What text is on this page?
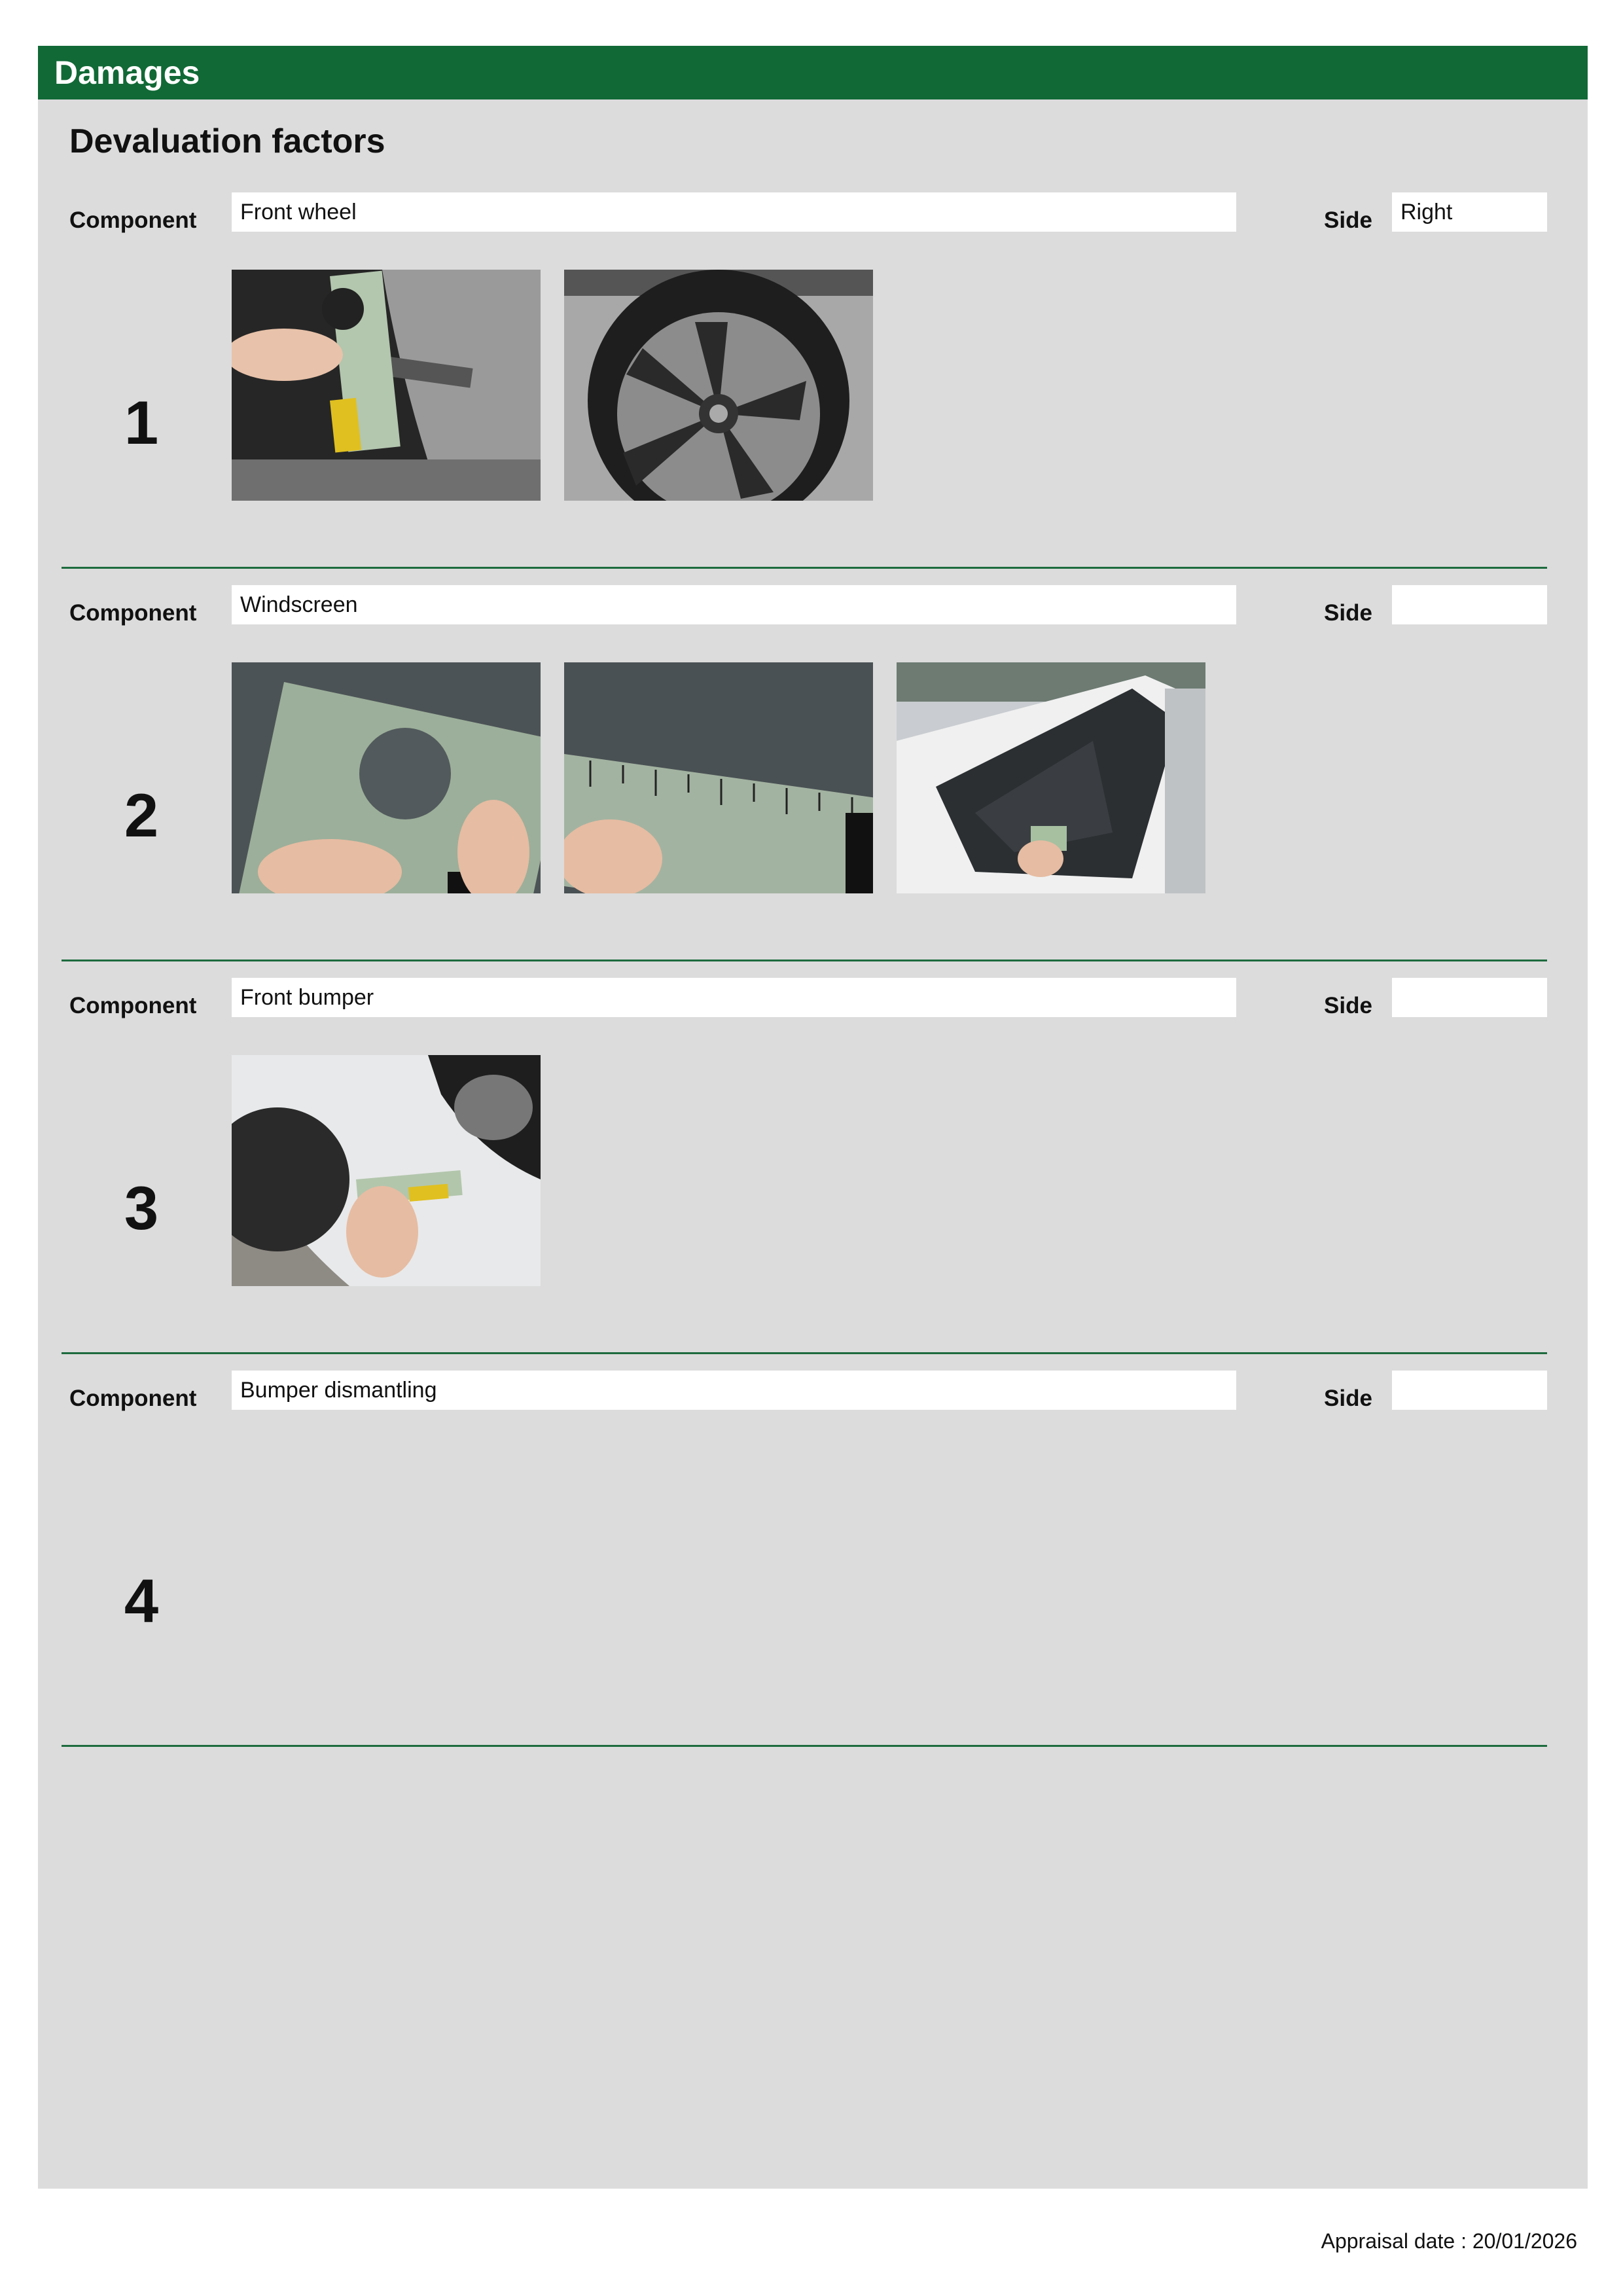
Damages
Devaluation factors
Component	Front wheel	Side	Right
1
Component	Windscreen	Side
2
Component	Front bumper	Side
3
Component	Bumper dismantling	Side
4
Appraisal date : 20/01/2026
